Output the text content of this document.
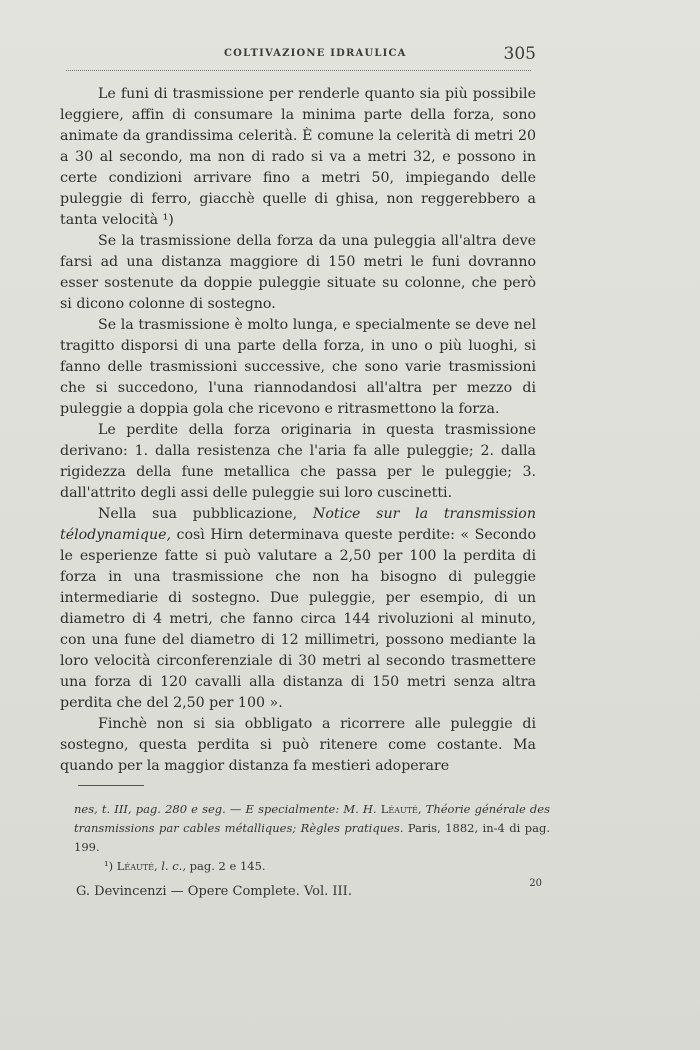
COLTIVAZIONE IDRAULICA	305

Le funi di trasmissione per renderle quanto sia più possibile leggiere, affin di consumare la minima parte della forza, sono animate da grandissima celerità. È comune la celerità di metri 20 a 30 al secondo, ma non di rado si va a metri 32, e possono in certe condizioni arrivare fino a metri 50, impiegando delle puleggie di ferro, giacchè quelle di ghisa, non reggerebbero a tanta velocità ¹)

Se la trasmissione della forza da una puleggia all'altra deve farsi ad una distanza maggiore di 150 metri le funi dovranno esser sostenute da doppie puleggie situate su colonne, che però si dicono colonne di sostegno.

Se la trasmissione è molto lunga, e specialmente se deve nel tragitto disporsi di una parte della forza, in uno o più luoghi, si fanno delle trasmissioni successive, che sono varie trasmissioni che si succedono, l'una riannodandosi all'altra per mezzo di puleggie a doppia gola che ricevono e ritrasmettono la forza.

Le perdite della forza originaria in questa trasmissione derivano: 1. dalla resistenza che l'aria fa alle puleggie; 2. dalla rigidezza della fune metallica che passa per le puleggie; 3. dall'attrito degli assi delle puleggie sui loro cuscinetti.

Nella sua pubblicazione, Notice sur la transmission télodynamique, così Hirn determinava queste perdite: « Secondo le esperienze fatte si può valutare a 2,50 per 100 la perdita di forza in una trasmissione che non ha bisogno di puleggie intermediarie di sostegno. Due puleggie, per esempio, di un diametro di 4 metri, che fanno circa 144 rivoluzioni al minuto, con una fune del diametro di 12 millimetri, possono mediante la loro velocità circonferenziale di 30 metri al secondo trasmettere una forza di 120 cavalli alla distanza di 150 metri senza altra perdita che del 2,50 per 100 ».

Finchè non si sia obbligato a ricorrere alle puleggie di sostegno, questa perdita si può ritenere come costante. Ma quando per la maggior distanza fa mestieri adoperare

nes, t. III, pag. 280 e seg. — E specialmente: M. H. Léauté, Théorie générale des transmissions par cables métalliques; Règles pratiques. Paris, 1882, in-4 di pag. 199.

¹) Léauté, l. c., pag. 2 e 145.

G. Devincenzi — Opere Complete. Vol. III.
20
